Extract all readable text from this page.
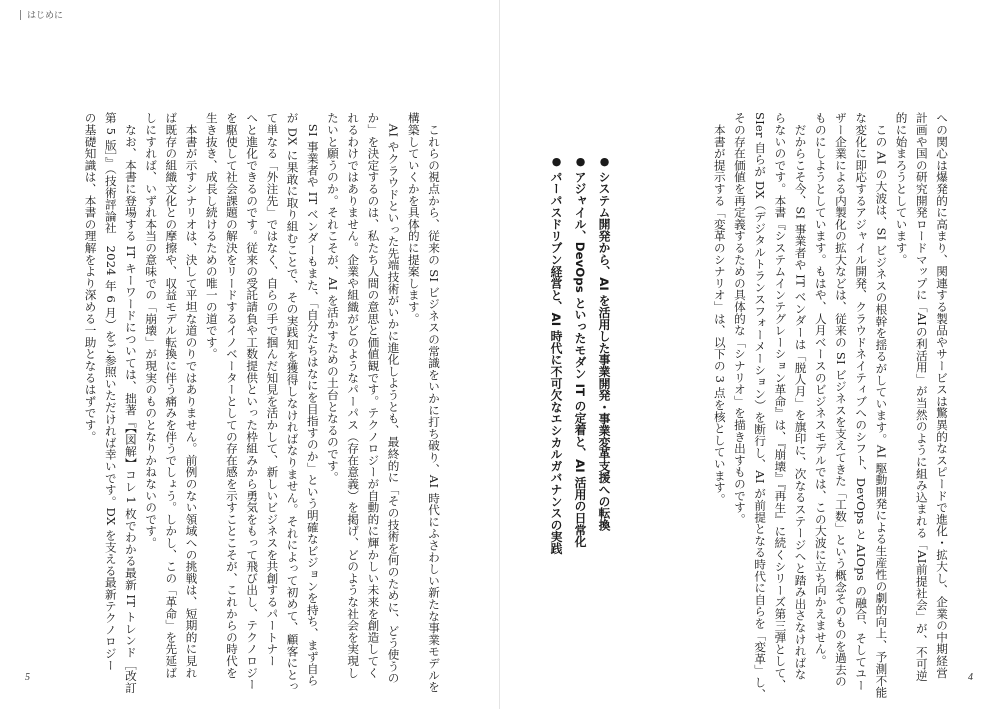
はじめに

への関心は爆発的に高まり、関連する製品やサービスは驚異的なスピードで進化・拡大し、企業の中期経営

計画や国の研究開発ロードマップに「AIの利活用」が当然のように組み込まれる「AI前提社会」が、不可逆

的に始まろうとしています。

　この AI の大波は、SI ビジネスの根幹を揺るがしています。AI 駆動開発による生産性の劇的向上、予測不能

な変化に即応するアジャイル開発、クラウドネイティブへのシフト、DevOps と AIOps の融合、そしてユー

ザー企業による内製化の拡大などは、従来の SI ビジネスを支えてきた「工数」という概念そのものを過去の

ものにしようとしています。もはや、人月ベースのビジネスモデルでは、この大波に立ち向かえません。

　だからこそ今、SI 事業者や IT ベンダーは「脱人月」を旗印に、次なるステージへと踏み出さなければな

らないのです。本書『システムインテグレーション革命』は、『崩壊』『再生』に続くシリーズ第三弾として、

SIer 自らが DX（デジタルトランスフォーメーション）を断行し、AI が前提となる時代に自らを「変革」し、

その存在価値を再定義するための具体的な「シナリオ」を描き出すものです。

　本書が提示する「変革のシナリオ」は、以下の 3 点を核としています。

●システム開発から、AI を活用した事業開発・事業変革支援への転換
●アジャイル、DevOps といったモダン IT の定着と、AI 活用の日常化
●パーパスドリブン経営と、AI 時代に不可欠なエシカルガバナンスの実践

　これらの視点から、従来の SI ビジネスの常識をいかに打ち破り、AI 時代にふさわしい新たな事業モデルを

構築していくかを具体的に提案します。

　AI やクラウドといった先端技術がいかに進化しようとも、最終的に「その技術を何のために、どう使うの

か」を決定するのは、私たち人間の意思と価値観です。テクノロジーが自動的に輝かしい未来を創造してく

れるわけではありません。企業や組織がどのようなパーパス（存在意義）を掲げ、どのような社会を実現し

たいと願うのか。それこそが、AI を活かすための土台となるのです。

　SI 事業者や IT ベンダーもまた、「自分たちはなにを目指すのか」という明確なビジョンを持ち、まず自ら

が DX に果敢に取り組むことで、その実践知を獲得しなければなりません。それによって初めて、顧客にとっ

て単なる「外注先」ではなく、自らの手で掴んだ知見を活かして、新しいビジネスを共創するパートナー

へと進化できるのです。従来の受託請負や工数提供といった枠組みから勇気をもって飛び出し、テクノロジー

を駆使して社会課題の解決をリードするイノベーターとしての存在感を示すことこそが、これからの時代を

生き抜き、成長し続けるための唯一の道です。

　本書が示すシナリオは、決して平坦な道のりではありません。前例のない領域への挑戦は、短期的に見れ

ば既存の組織文化との摩擦や、収益モデル転換に伴う痛みを伴うでしょう。しかし、この「革命」を先延ば

しにすれば、いずれ本当の意味での「崩壊」が現実のものとなりかねないのです。

　なお、本書に登場する IT キーワードについては、拙著『【図解】コレ 1 枚でわかる最新 IT トレンド［改訂

第 5 版］』（技術評論社　2024 年 6 月）をご参照いただければ幸いです。DX を支える最新テクノロジー

の基礎知識は、本書の理解をより深める一助となるはずです。

5	4
